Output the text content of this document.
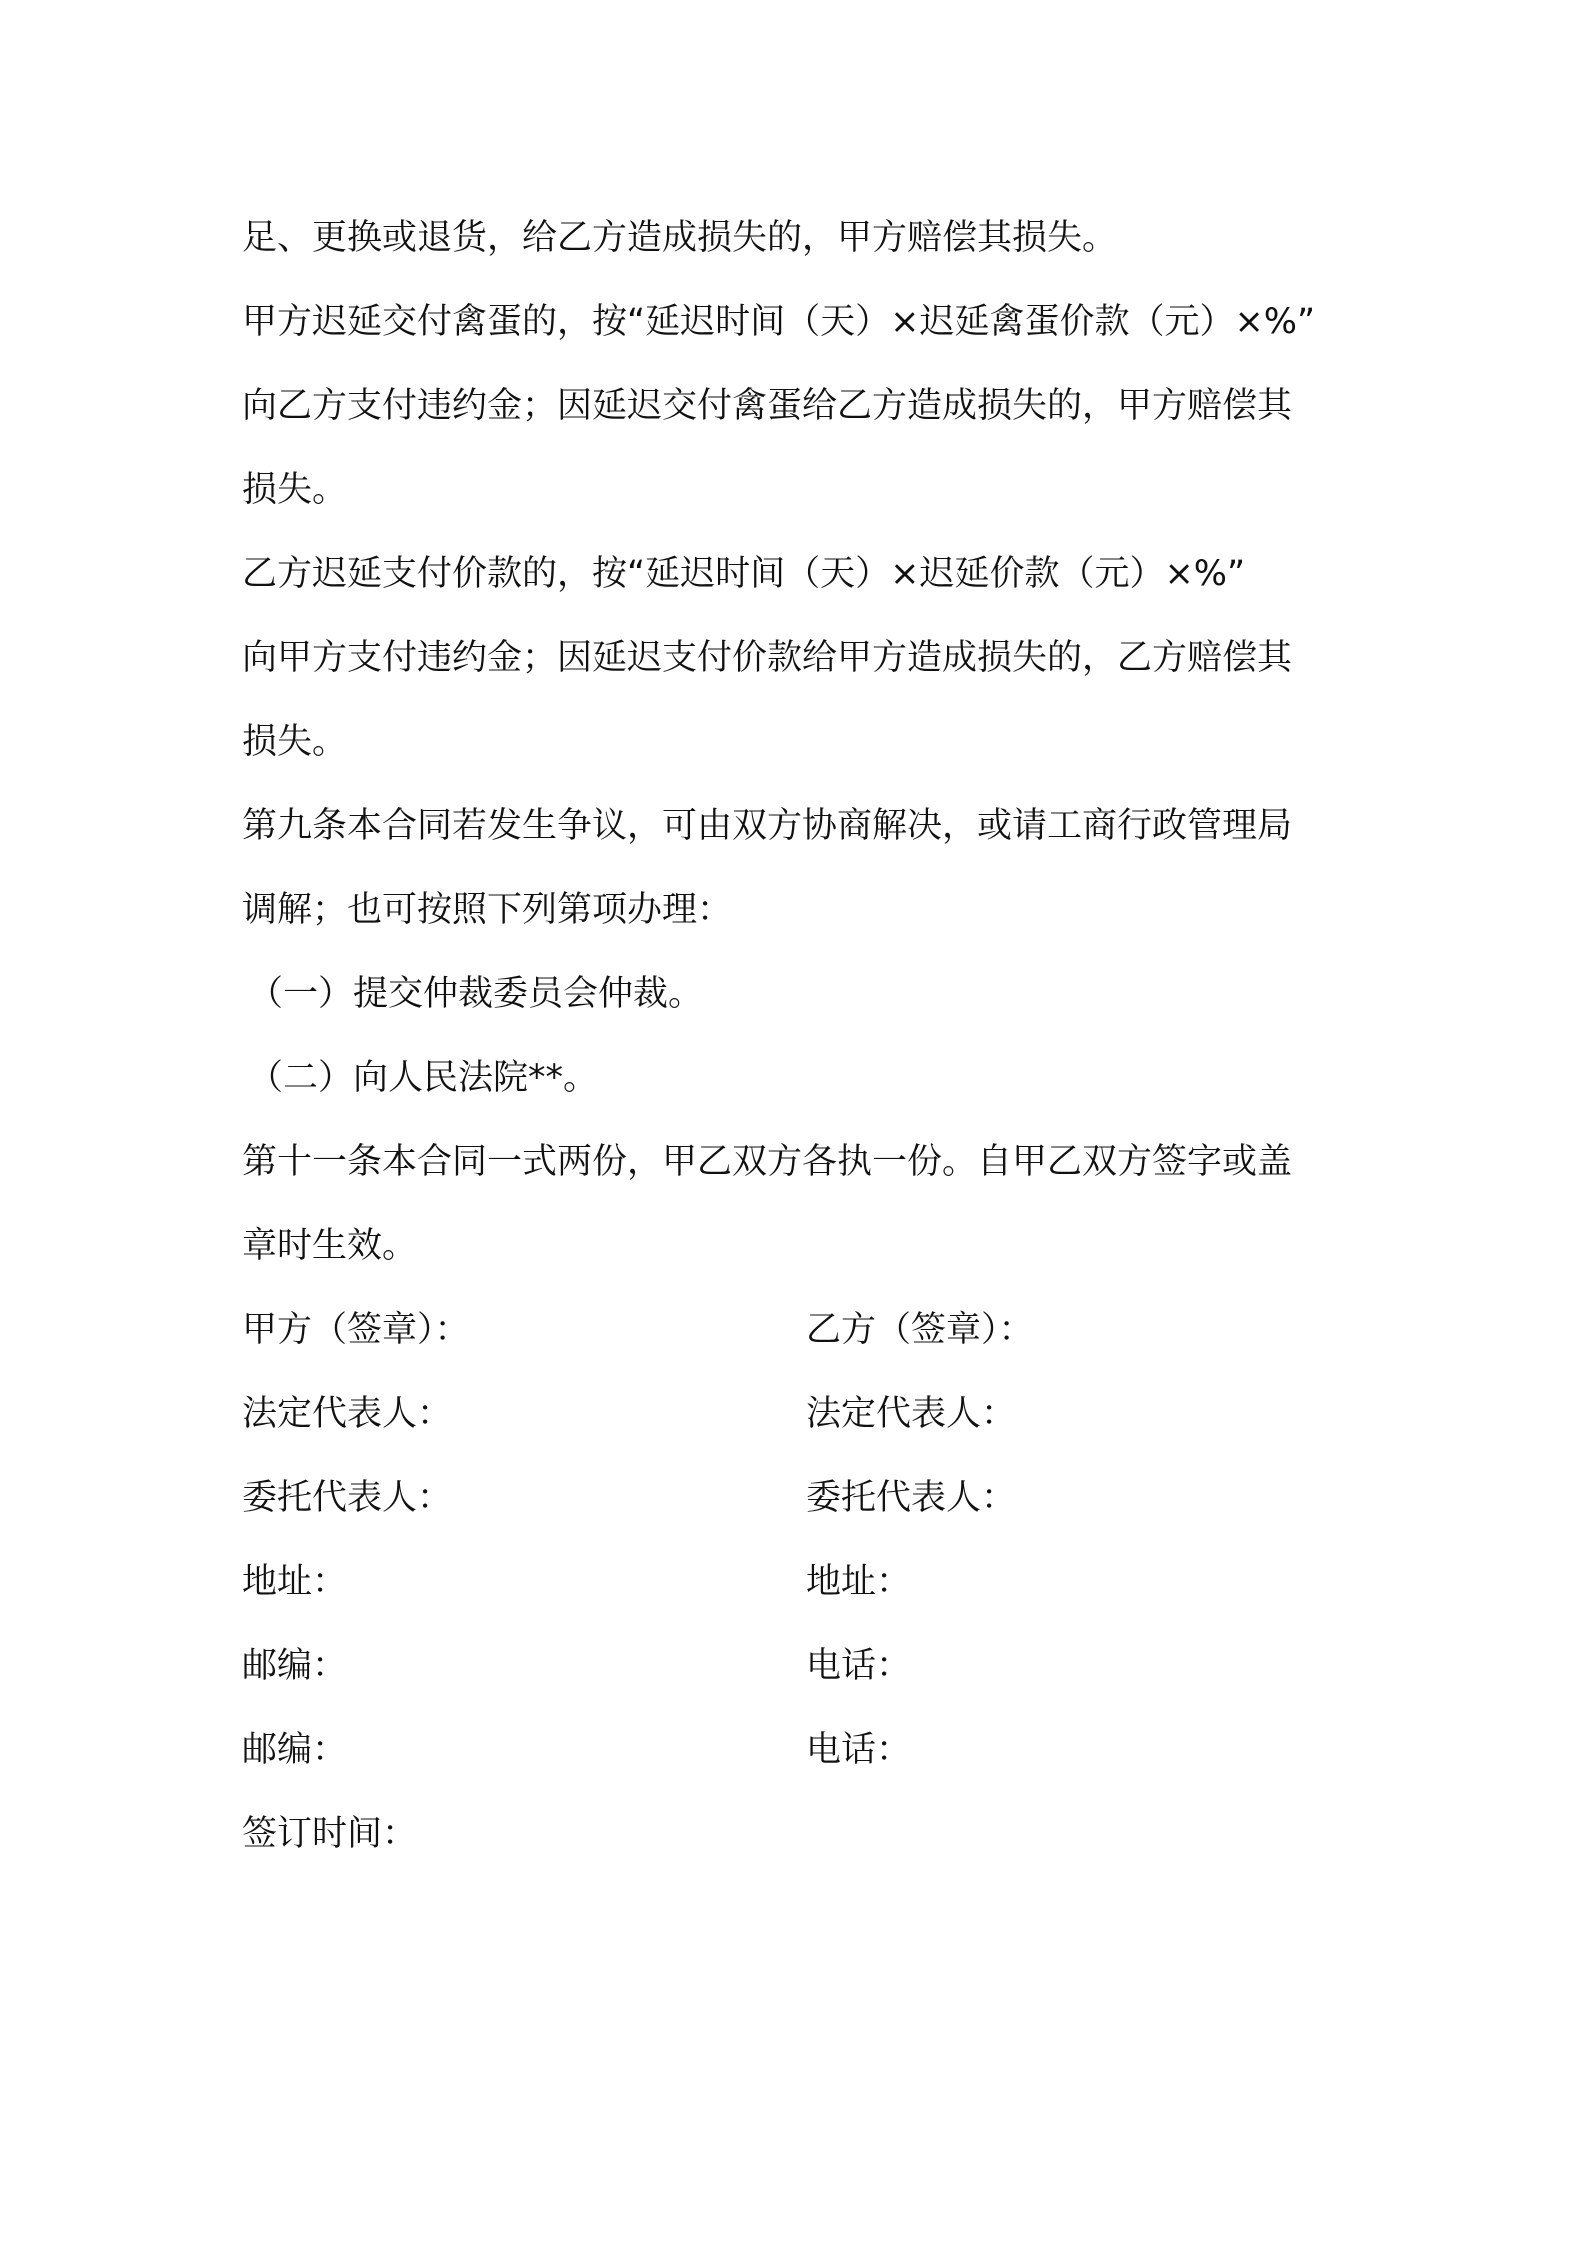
足、更换或退货，给乙方造成损失的，甲方赔偿其损失。
甲方迟延交付禽蛋的，按“延迟时间（天）×迟延禽蛋价款（元）×%”
向乙方支付违约金；因延迟交付禽蛋给乙方造成损失的，甲方赔偿其
损失。
乙方迟延支付价款的，按“延迟时间（天）×迟延价款（元）×%”
向甲方支付违约金；因延迟支付价款给甲方造成损失的，乙方赔偿其
损失。
第九条本合同若发生争议，可由双方协商解决，或请工商行政管理局
调解；也可按照下列第项办理：
（一）提交仲裁委员会仲裁。
（二）向人民法院**。
第十一条本合同一式两份，甲乙双方各执一份。自甲乙双方签字或盖
章时生效。
甲方（签章）：	乙方（签章）：
法定代表人：	法定代表人：
委托代表人：	委托代表人：
地址：	地址：
邮编：	电话：
邮编：	电话：
签订时间：
